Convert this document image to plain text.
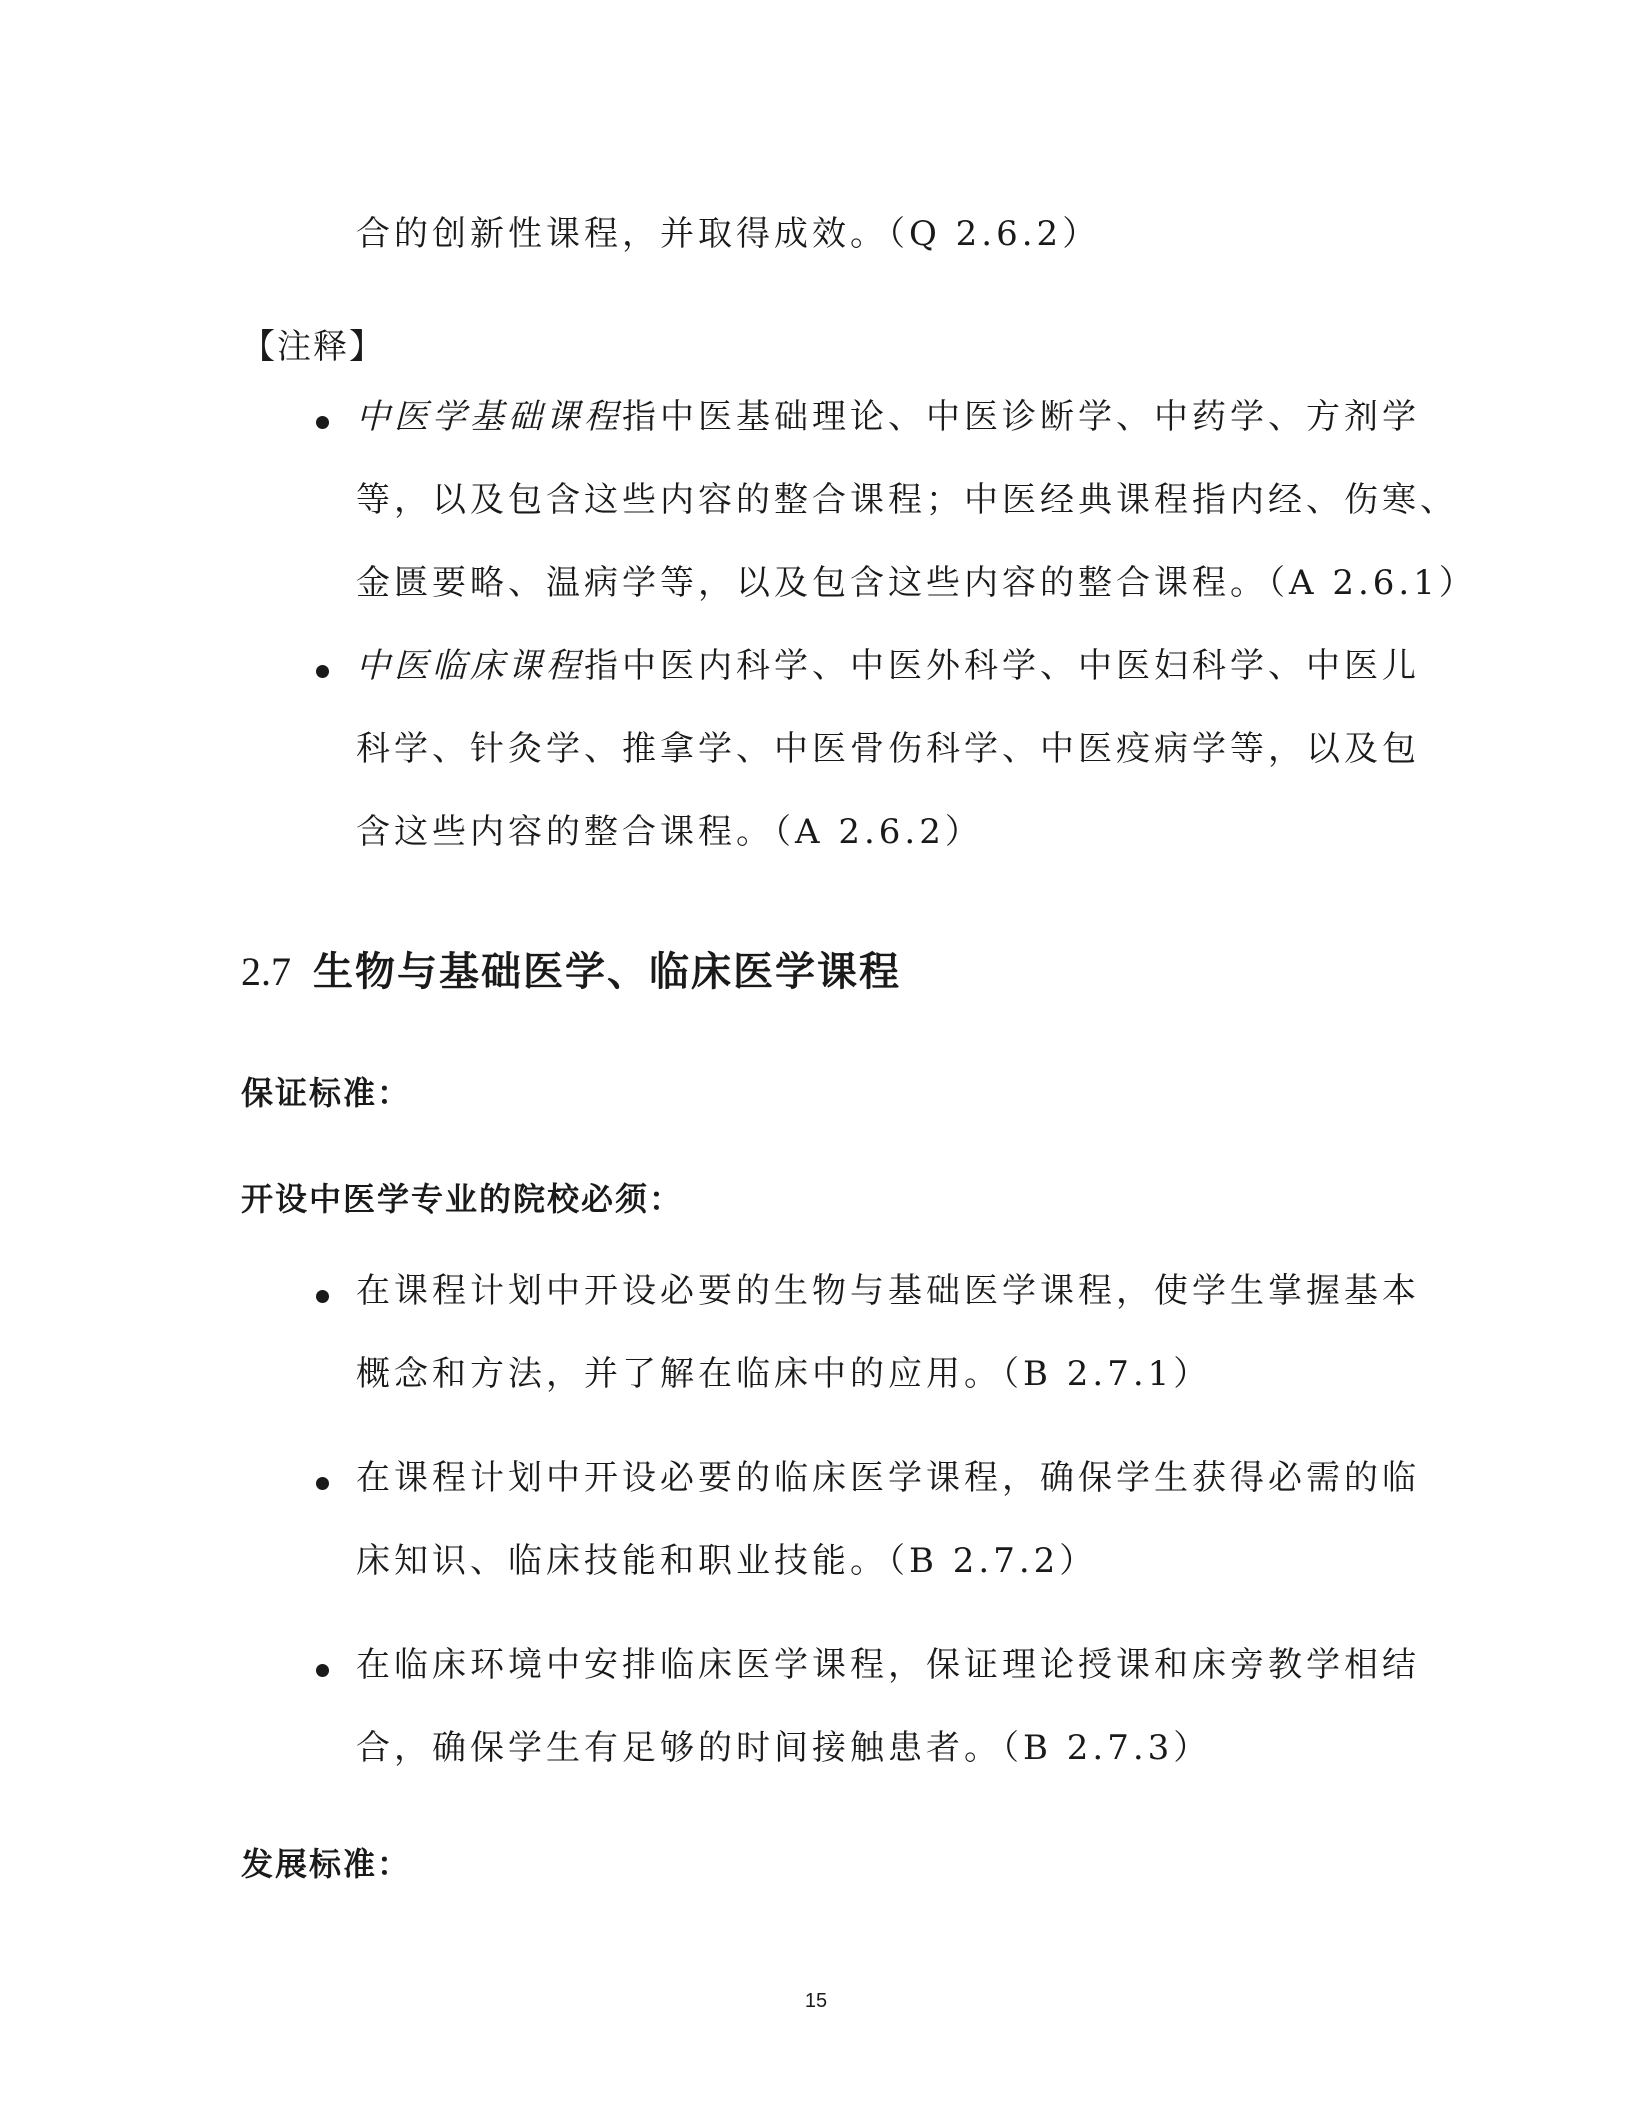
合的创新性课程，并取得成效。（Q 2.6.2）
【注释】
中医学基础课程指中医基础理论、中医诊断学、中药学、方剂学
等，以及包含这些内容的整合课程；中医经典课程指内经、伤寒、
金匮要略、温病学等，以及包含这些内容的整合课程。（A 2.6.1）
中医临床课程指中医内科学、中医外科学、中医妇科学、中医儿
科学、针灸学、推拿学、中医骨伤科学、中医疫病学等，以及包
含这些内容的整合课程。（A 2.6.2）
2.7 生物与基础医学、临床医学课程
保证标准：
开设中医学专业的院校必须：
在课程计划中开设必要的生物与基础医学课程，使学生掌握基本
概念和方法，并了解在临床中的应用。（B 2.7.1）
在课程计划中开设必要的临床医学课程，确保学生获得必需的临
床知识、临床技能和职业技能。（B 2.7.2）
在临床环境中安排临床医学课程，保证理论授课和床旁教学相结
合，确保学生有足够的时间接触患者。（B 2.7.3）
发展标准：
15
